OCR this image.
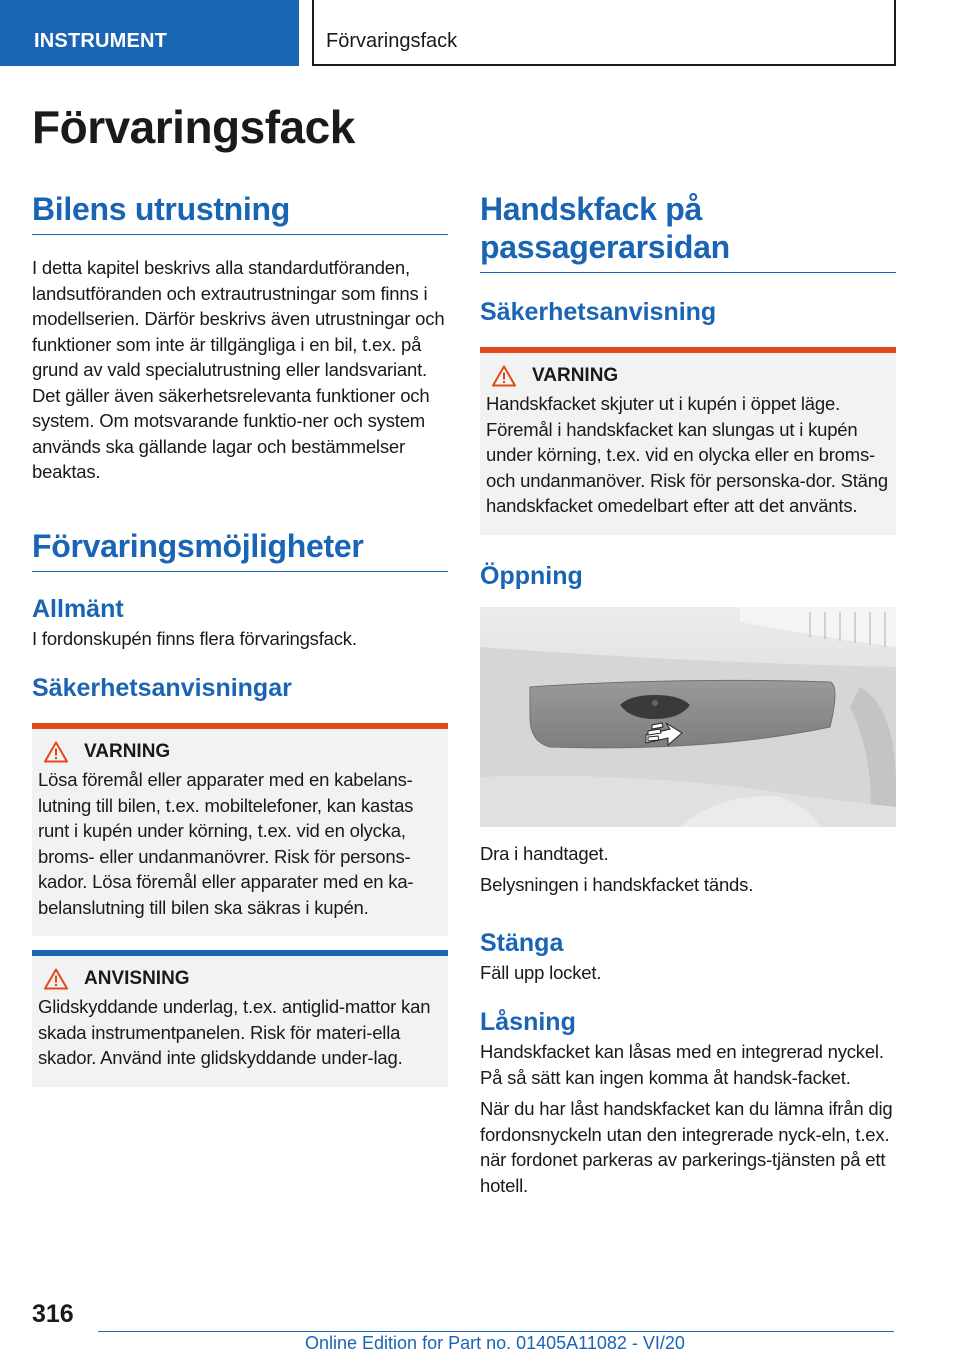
INSTRUMENT	Förvaringsfack
Förvaringsfack
Bilens utrustning
I detta kapitel beskrivs alla standardutföranden, landsutföranden och extrautrustningar som finns i modellserien. Därför beskrivs även utrustningar och funktioner som inte är tillgängliga i en bil, t.ex. på grund av vald specialutrustning eller landsvariant. Det gäller även säkerhetsrelevanta funktioner och system. Om motsvarande funktio-ner och system används ska gällande lagar och bestämmelser beaktas.
Förvaringsmöjligheter
Allmänt
I fordonskupén finns flera förvaringsfack.
Säkerhetsanvisningar
VARNING
Lösa föremål eller apparater med en kabelans-lutning till bilen, t.ex. mobiltelefoner, kan kastas runt i kupén under körning, t.ex. vid en olycka, broms- eller undanmanövrer. Risk för persons-kador. Lösa föremål eller apparater med en ka-belanslutning till bilen ska säkras i kupén.
ANVISNING
Glidskyddande underlag, t.ex. antiglid-mattor kan skada instrumentpanelen. Risk för materi-ella skador. Använd inte glidskyddande under-lag.
Handskfack på passagerarsidan
Säkerhetsanvisning
VARNING
Handskfacket skjuter ut i kupén i öppet läge. Föremål i handskfacket kan slungas ut i kupén under körning, t.ex. vid en olycka eller en broms- och undanmanöver. Risk för personska-dor. Stäng handskfacket omedelbart efter att det använts.
Öppning
Dra i handtaget.
Belysningen i handskfacket tänds.
Stänga
Fäll upp locket.
Låsning
Handskfacket kan låsas med en integrerad nyckel. På så sätt kan ingen komma åt handsk-facket.
När du har låst handskfacket kan du lämna ifrån dig fordonsnyckeln utan den integrerade nyck-eln, t.ex. när fordonet parkeras av parkerings-tjänsten på ett hotell.
316
Online Edition for Part no. 01405A11082 - VI/20
